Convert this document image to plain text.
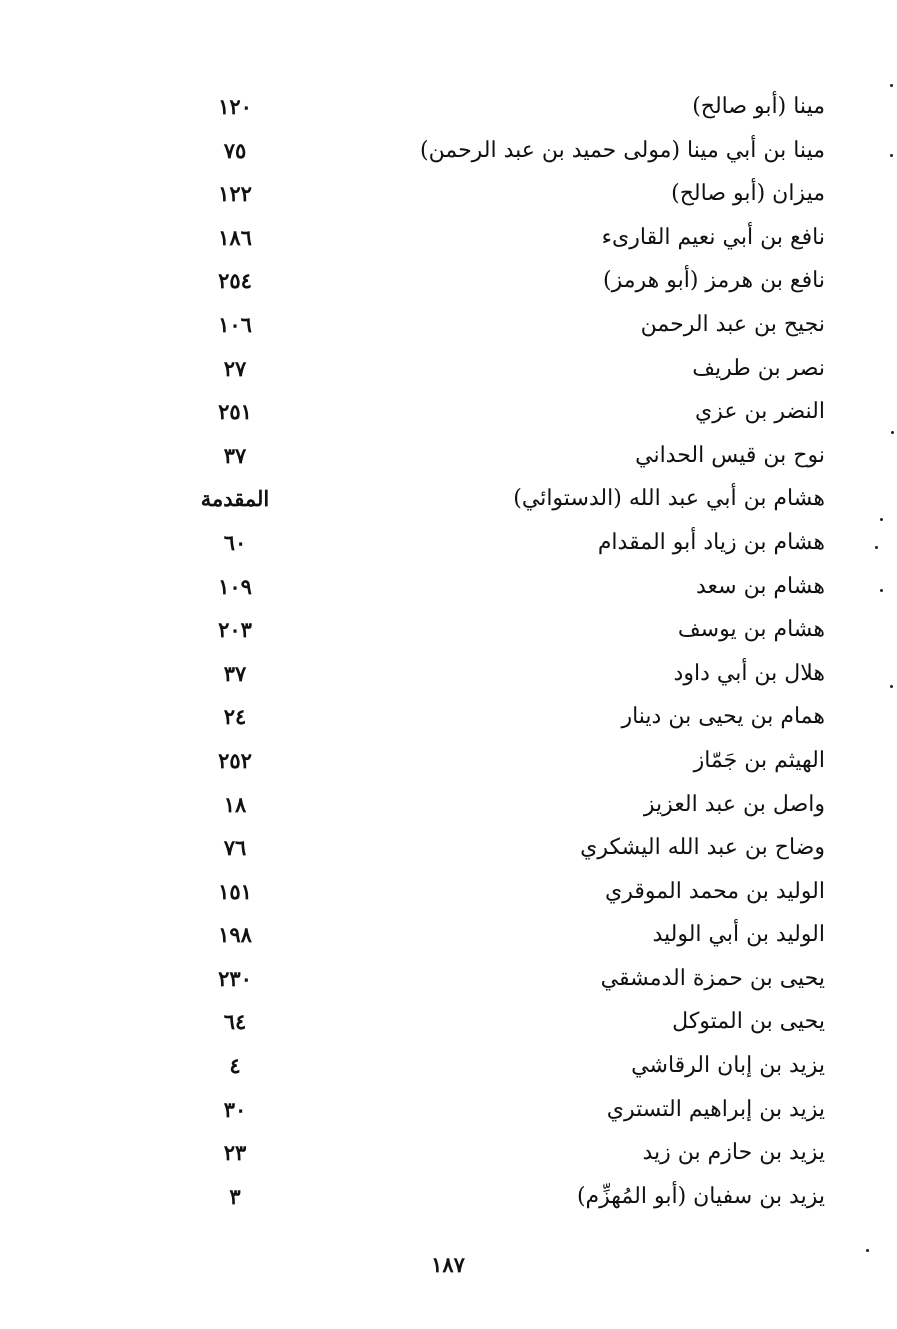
مينا (أبو صالح)
١٢٠
مينا بن أبي مينا (مولى حميد بن عبد الرحمن)
٧٥
ميزان (أبو صالح)
١٢٢
نافع بن أبي نعيم القارىء
١٨٦
نافع بن هرمز (أبو هرمز)
٢٥٤
نجيح بن عبد الرحمن
١٠٦
نصر بن طريف
٢٧
النضر بن عزي
٢٥١
نوح بن قيس الحداني
٣٧
هشام بن أبي عبد الله (الدستوائي)
المقدمة
هشام بن زياد أبو المقدام
٦٠
هشام بن سعد
١٠٩
هشام بن يوسف
٢٠٣
هلال بن أبي داود
٣٧
همام بن يحيى بن دينار
٢٤
الهيثم بن جَمّاز
٢٥٢
واصل بن عبد العزيز
١٨
وضاح بن عبد الله اليشكري
٧٦
الوليد بن محمد الموقري
١٥١
الوليد بن أبي الوليد
١٩٨
يحيى بن حمزة الدمشقي
٢٣٠
يحيى بن المتوكل
٦٤
يزيد بن إبان الرقاشي
٤
يزيد بن إبراهيم التستري
٣٠
يزيد بن حازم بن زيد
٢٣
يزيد بن سفيان (أبو المُهزِّم)
٣
١٨٧
